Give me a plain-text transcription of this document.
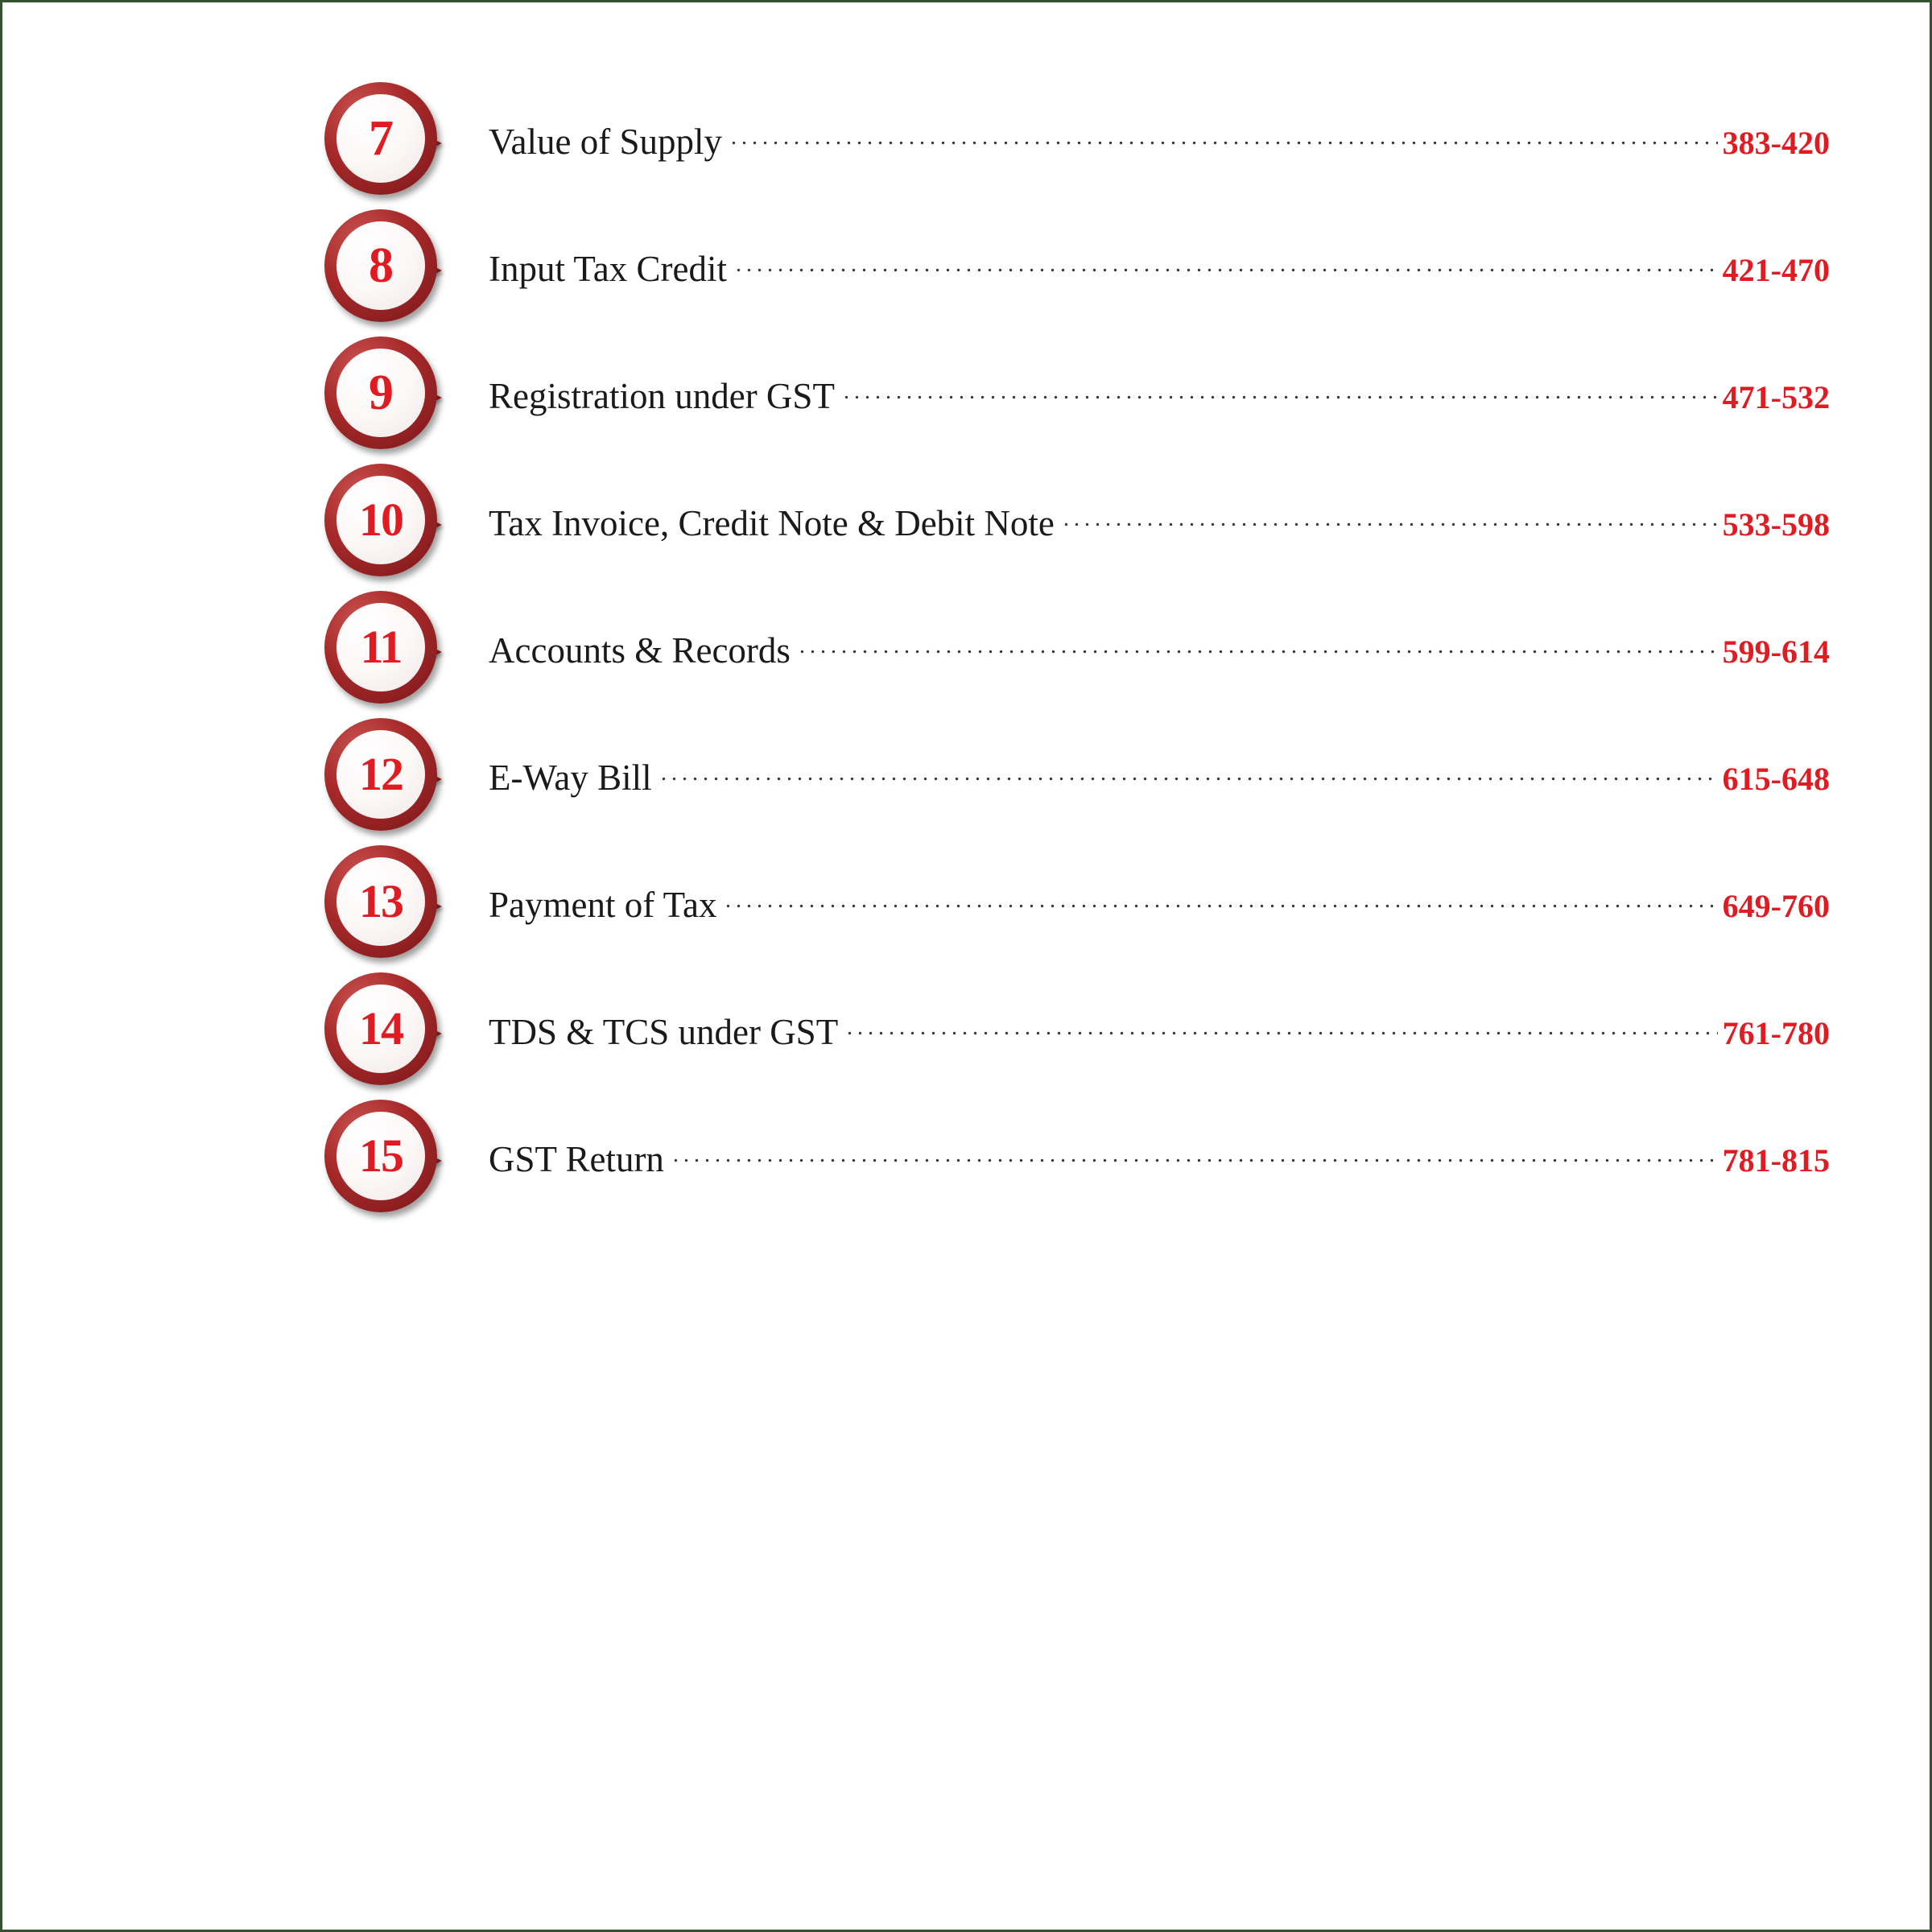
7	Value of Supply	383-420
8	Input Tax Credit	421-470
9	Registration under GST	471-532
10 Tax Invoice, Credit Note & Debit Note	533-598
11 Accounts & Records	599-614
12 E-Way Bill	615-648
13 Payment of Tax	649-760
14 TDS & TCS under GST	761-780
15 GST Return	781-815
